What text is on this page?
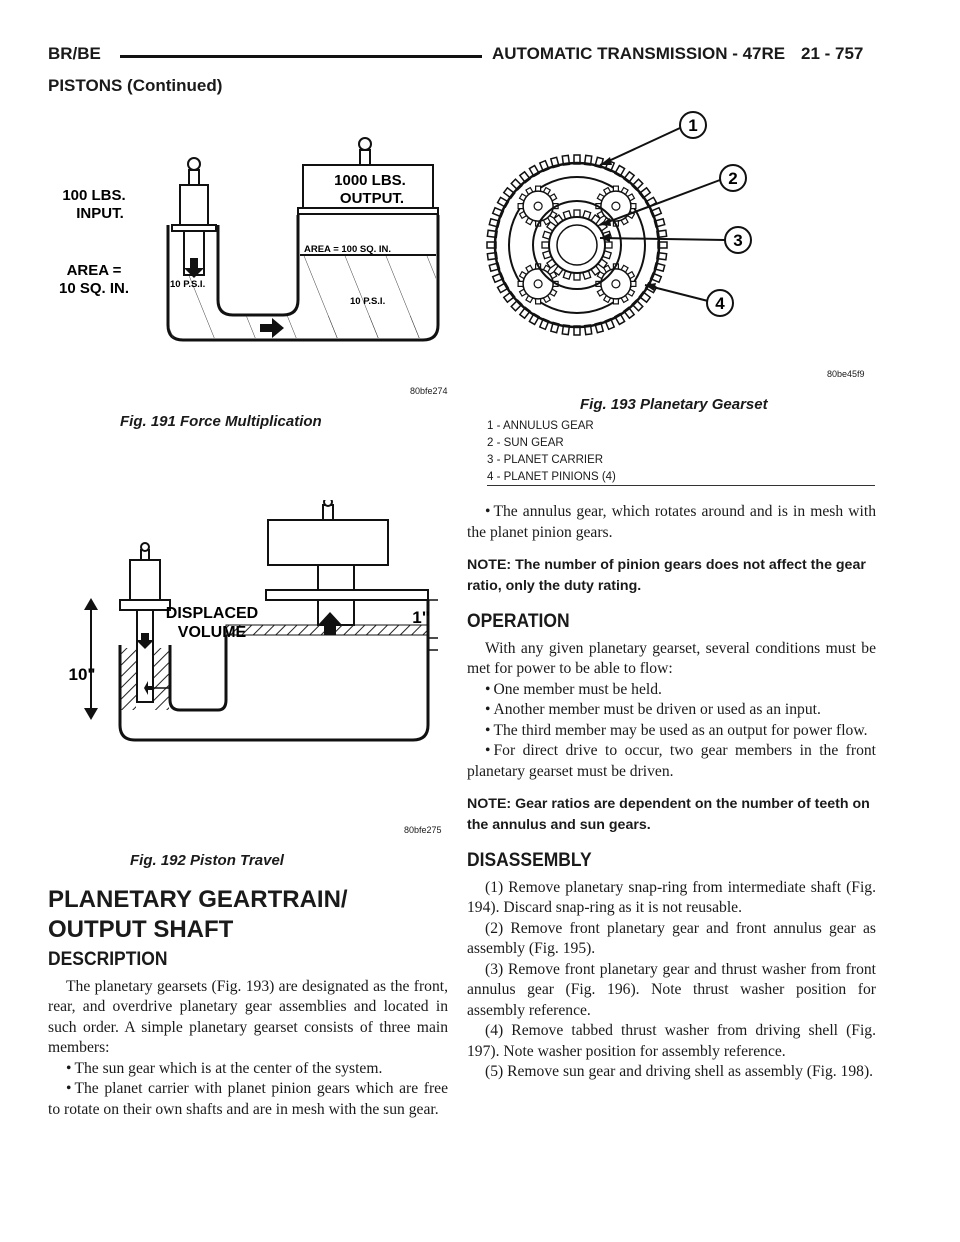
BR/BE	AUTOMATIC TRANSMISSION - 47RE 21 - 757
PISTONS (Continued)
100 LBS.
INPUT.
AREA =
10 SQ. IN.
1000 LBS.
OUTPUT.
AREA = 100 SQ. IN.
10 P.S.I.
10 P.S.I.
80bfe274
Fig. 191 Force Multiplication
1
2
3
4
80be45f9
Fig. 193 Planetary Gearset
1 - ANNULUS GEAR
2 - SUN GEAR
3 - PLANET CARRIER
4 - PLANET PINIONS (4)
DISPLACED
VOLUME
10"
1"
80bfe275
Fig. 192 Piston Travel
PLANETARY GEARTRAIN/
OUTPUT SHAFT

DESCRIPTION

The planetary gearsets (Fig. 193) are designated as the front, rear, and overdrive planetary gear assemblies and located in such order. A simple planetary gearset consists of three main members:

• The sun gear which is at the center of the system.

• The planet carrier with planet pinion gears which are free to rotate on their own shafts and are in mesh with the sun gear.

• The annulus gear, which rotates around and is in mesh with the planet pinion gears.

NOTE: The number of pinion gears does not affect the gear ratio, only the duty rating.

OPERATION

With any given planetary gearset, several conditions must be met for power to be able to flow:

• One member must be held.

• Another member must be driven or used as an input.

• The third member may be used as an output for power flow.

• For direct drive to occur, two gear members in the front planetary gearset must be driven.

NOTE: Gear ratios are dependent on the number of teeth on the annulus and sun gears.

DISASSEMBLY

(1) Remove planetary snap-ring from intermediate shaft (Fig. 194). Discard snap-ring as it is not reusable.

(2) Remove front planetary gear and front annulus gear as assembly (Fig. 195).

(3) Remove front planetary gear and thrust washer from front annulus gear (Fig. 196). Note thrust washer position for assembly reference.

(4) Remove tabbed thrust washer from driving shell (Fig. 197). Note washer position for assembly reference.

(5) Remove sun gear and driving shell as assembly (Fig. 198).
